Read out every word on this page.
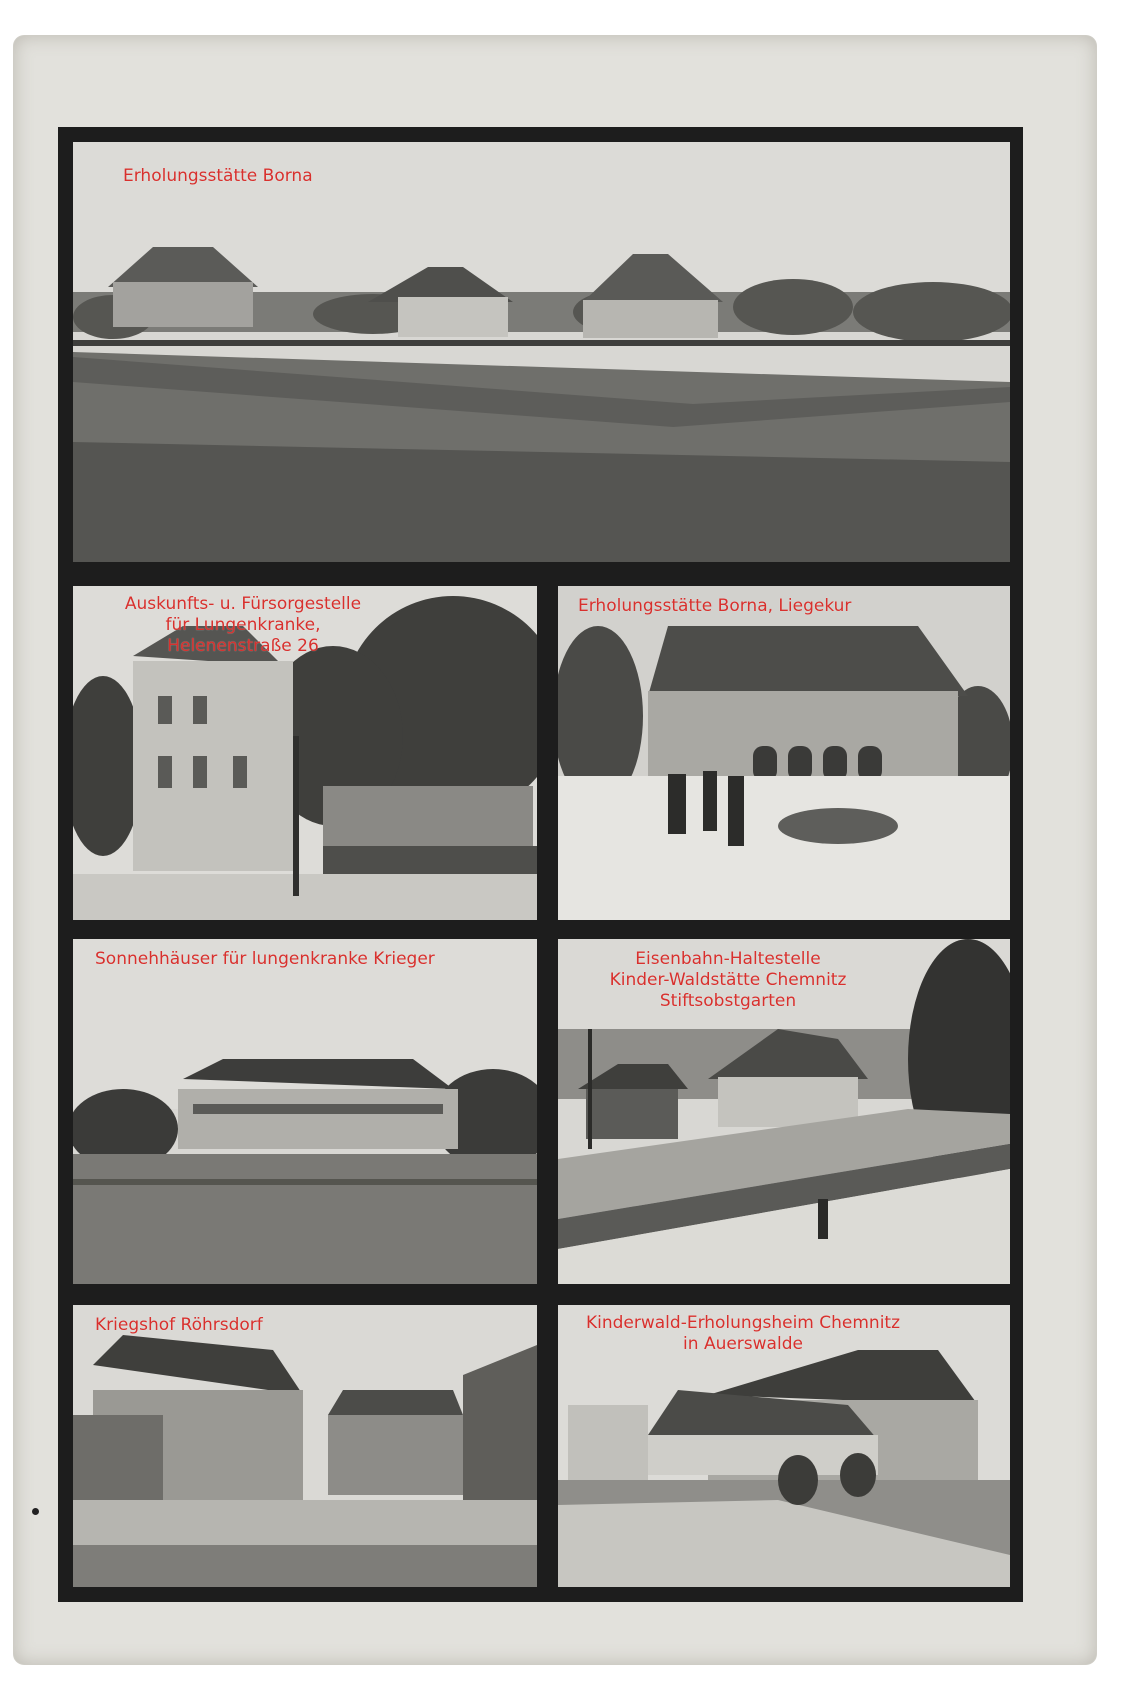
Erholungsstätte Borna
Auskunfts- u. Fürsorgestelle
für Lungenkranke,
Helenenstraße 26
Erholungsstätte Borna, Liegekur
Sonnehhäuser für lungenkranke Krieger	Eisenbahn-Haltestelle
Kinder-Waldstätte Chemnitz
Stiftsobstgarten
Kriegshof Röhrsdorf	Kinderwald-Erholungsheim Chemnitz
in Auerswalde
